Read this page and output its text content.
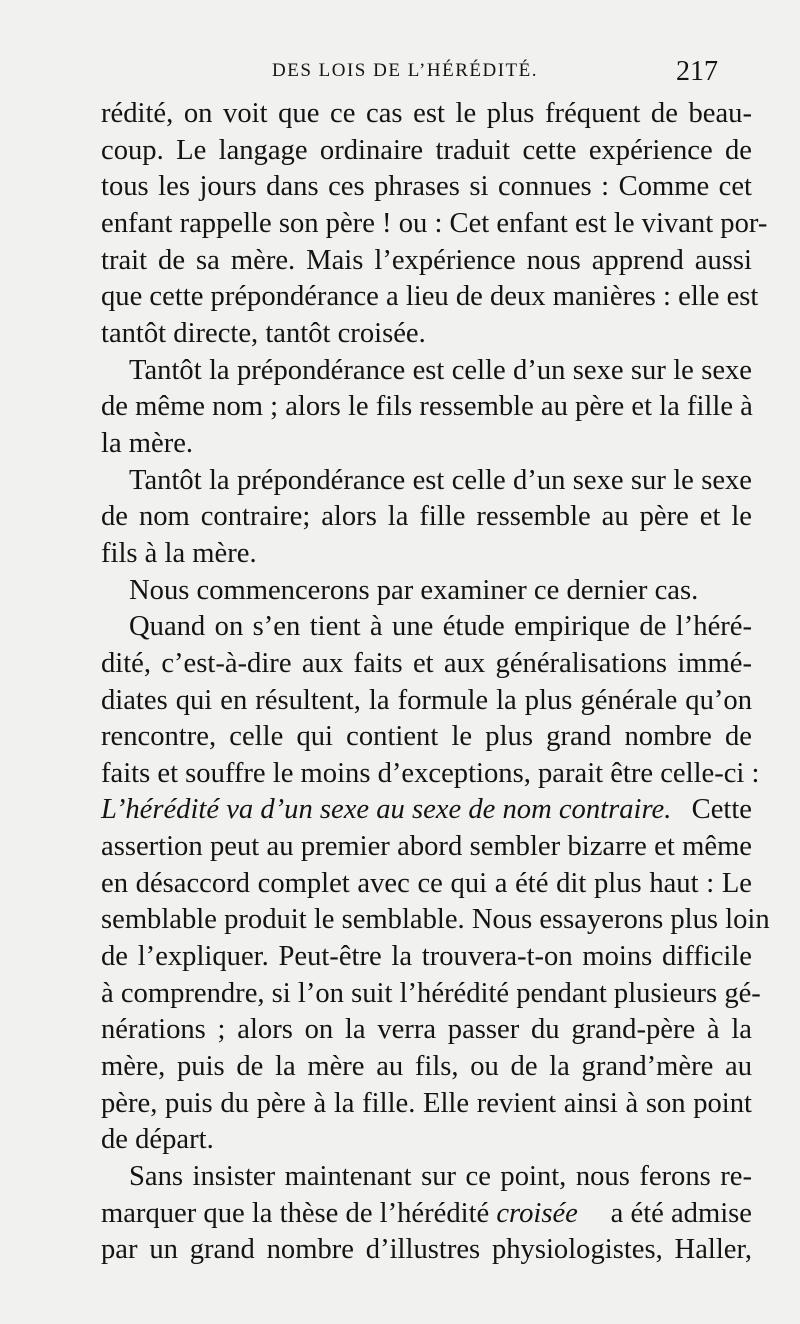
DES LOIS DE L’HÉRÉDITÉ.	217
rédité, on voit que ce cas est le plus fréquent de beau-
coup. Le langage ordinaire traduit cette expérience de
tous les jours dans ces phrases si connues : Comme cet
enfant rappelle son père ! ou : Cet enfant est le vivant por-
trait de sa mère. Mais l’expérience nous apprend aussi
que cette prépondérance a lieu de deux manières : elle est
tantôt directe, tantôt croisée.
Tantôt la prépondérance est celle d’un sexe sur le sexe
de même nom ; alors le fils ressemble au père et la fille à
la mère.
Tantôt la prépondérance est celle d’un sexe sur le sexe
de nom contraire; alors la fille ressemble au père et le
fils à la mère.
Nous commencerons par examiner ce dernier cas.
Quand on s’en tient à une étude empirique de l’héré-
dité, c’est-à-dire aux faits et aux généralisations immé-
diates qui en résultent, la formule la plus générale qu’on
rencontre, celle qui contient le plus grand nombre de
faits et souffre le moins d’exceptions, parait être celle-ci :
L’hérédité va d’un sexe au sexe de nom contraire. Cette
assertion peut au premier abord sembler bizarre et même
en désaccord complet avec ce qui a été dit plus haut : Le
semblable produit le semblable. Nous essayerons plus loin
de l’expliquer. Peut-être la trouvera-t-on moins difficile
à comprendre, si l’on suit l’hérédité pendant plusieurs gé-
nérations ; alors on la verra passer du grand-père à la
mère, puis de la mère au fils, ou de la grand’mère au
père, puis du père à la fille. Elle revient ainsi à son point
de départ.
Sans insister maintenant sur ce point, nous ferons re-
marquer que la thèse de l’hérédité croisée a été admise
par un grand nombre d’illustres physiologistes, Haller,
